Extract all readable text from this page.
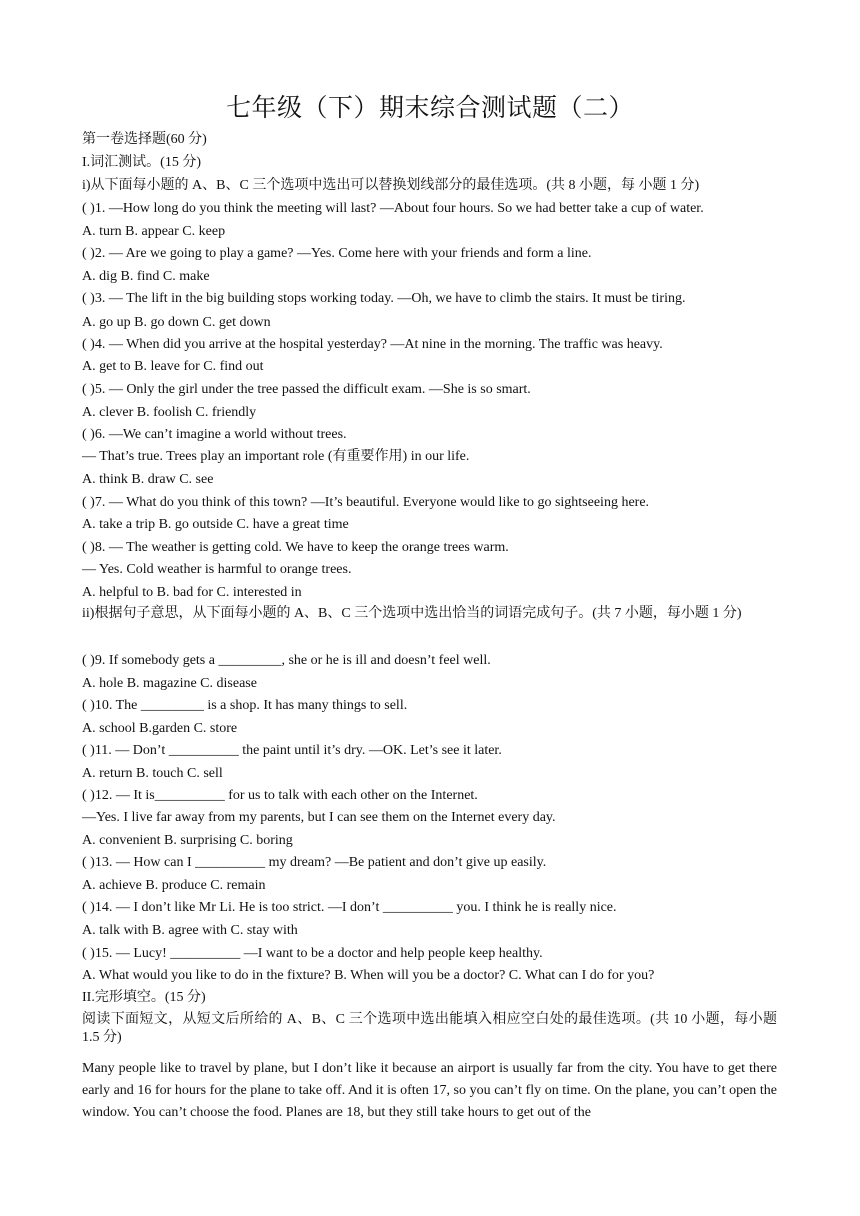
七年级（下）期末综合测试题（二）
第一卷选择题(60 分)
I.词汇测试。(15 分)
i)从下面每小题的 A、B、C 三个选项中选出可以替换划线部分的最佳选项。(共 8 小题，每 小题 1 分)
( )1. —How long do you think the meeting will last? —About four hours. So we had better take a cup of water.
A. turn B. appear C. keep
( )2. — Are we going to play a game? —Yes. Come here with your friends and form a line.
A. dig B. find C. make
( )3. — The lift in the big building stops working today. —Oh, we have to climb the stairs. It must be tiring.
A. go up B. go down C. get down
( )4. — When did you arrive at the hospital yesterday? —At nine in the morning. The traffic was heavy.
A. get to B. leave for C. find out
( )5. — Only the girl under the tree passed the difficult exam. —She is so smart.
A. clever B. foolish C. friendly
( )6. —We can’t imagine a world without trees.
— That’s true. Trees play an important role (有重要作用) in our life.
A. think B. draw C. see
( )7. — What do you think of this town? —It’s beautiful. Everyone would like to go sightseeing here.
A. take a trip B. go outside C. have a great time
( )8. — The weather is getting cold. We have to keep the orange trees warm.
— Yes. Cold weather is harmful to orange trees.
A. helpful to B. bad for C. interested in
ii)根据句子意思，从下面每小题的 A、B、C 三个选项中选出恰当的词语完成句子。(共 7 小题，每小题 1 分)
( )9. If somebody gets a _________, she or he is ill and doesn’t feel well.
A. hole B. magazine C. disease
( )10. The _________ is a shop. It has many things to sell.
A. school B.garden C. store
( )11. — Don’t __________ the paint until it’s dry. —OK. Let’s see it later.
A. return B. touch C. sell
( )12. — It is__________ for us to talk with each other on the Internet.
—Yes. I live far away from my parents, but I can see them on the Internet every day.
A. convenient B. surprising C. boring
( )13. — How can I __________ my dream? —Be patient and don’t give up easily.
A. achieve B. produce C. remain
( )14. — I don’t like Mr Li. He is too strict. —I don’t __________ you. I think he is really nice.
A. talk with B. agree with C. stay with
( )15. — Lucy! __________ —I want to be a doctor and help people keep healthy.
A. What would you like to do in the fixture? B. When will you be a doctor? C. What can I do for you?
II.完形填空。(15 分)
阅读下面短文，从短文后所给的 A、B、C 三个选项中选出能填入相应空白处的最佳选项。(共 10 小题，每小题 1.5 分)
Many people like to travel by plane, but I don’t like it because an airport is usually far from the city. You have to get there early and 16 for hours for the plane to take off. And it is often 17, so you can’t fly on time. On the plane, you can’t open the window. You can’t choose the food. Planes are 18, but they still take hours to get out of the
